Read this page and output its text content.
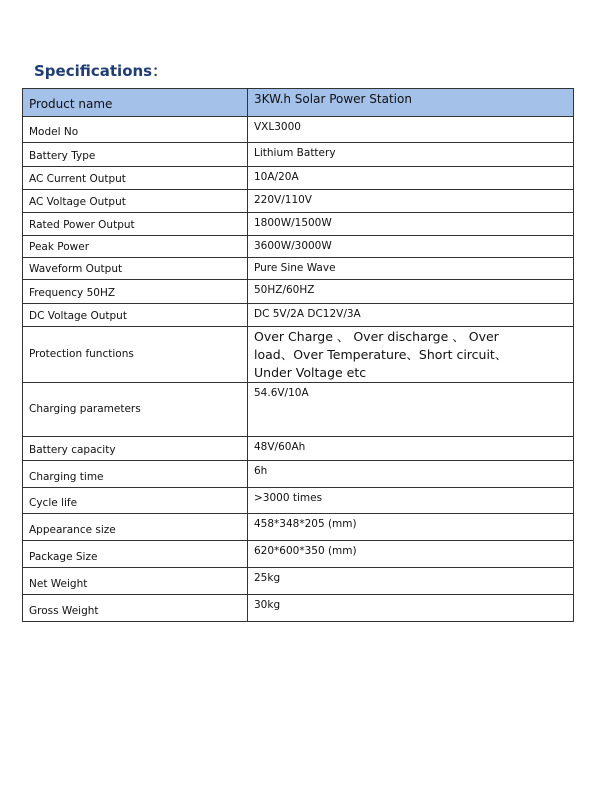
Specifications：
Product name	3KW.h Solar Power Station
Model No	VXL3000
Battery Type	Lithium Battery
AC Current Output	10A/20A
AC Voltage Output	220V/110V
Rated Power Output	1800W/1500W
Peak Power	3600W/3000W
Waveform Output	Pure Sine Wave
Frequency 50HZ	50HZ/60HZ
DC Voltage Output	DC 5V/2A DC12V/3A
Protection functions	Over Charge 、 Over discharge 、 Over
load、Over Temperature、Short circuit、
Under Voltage etc
Charging parameters	54.6V/10A
Battery capacity	48V/60Ah
Charging time	6h
Cycle life	>3000 times
Appearance size	458*348*205 (mm)
Package Size	620*600*350 (mm)
Net Weight	25kg
Gross Weight	30kg
